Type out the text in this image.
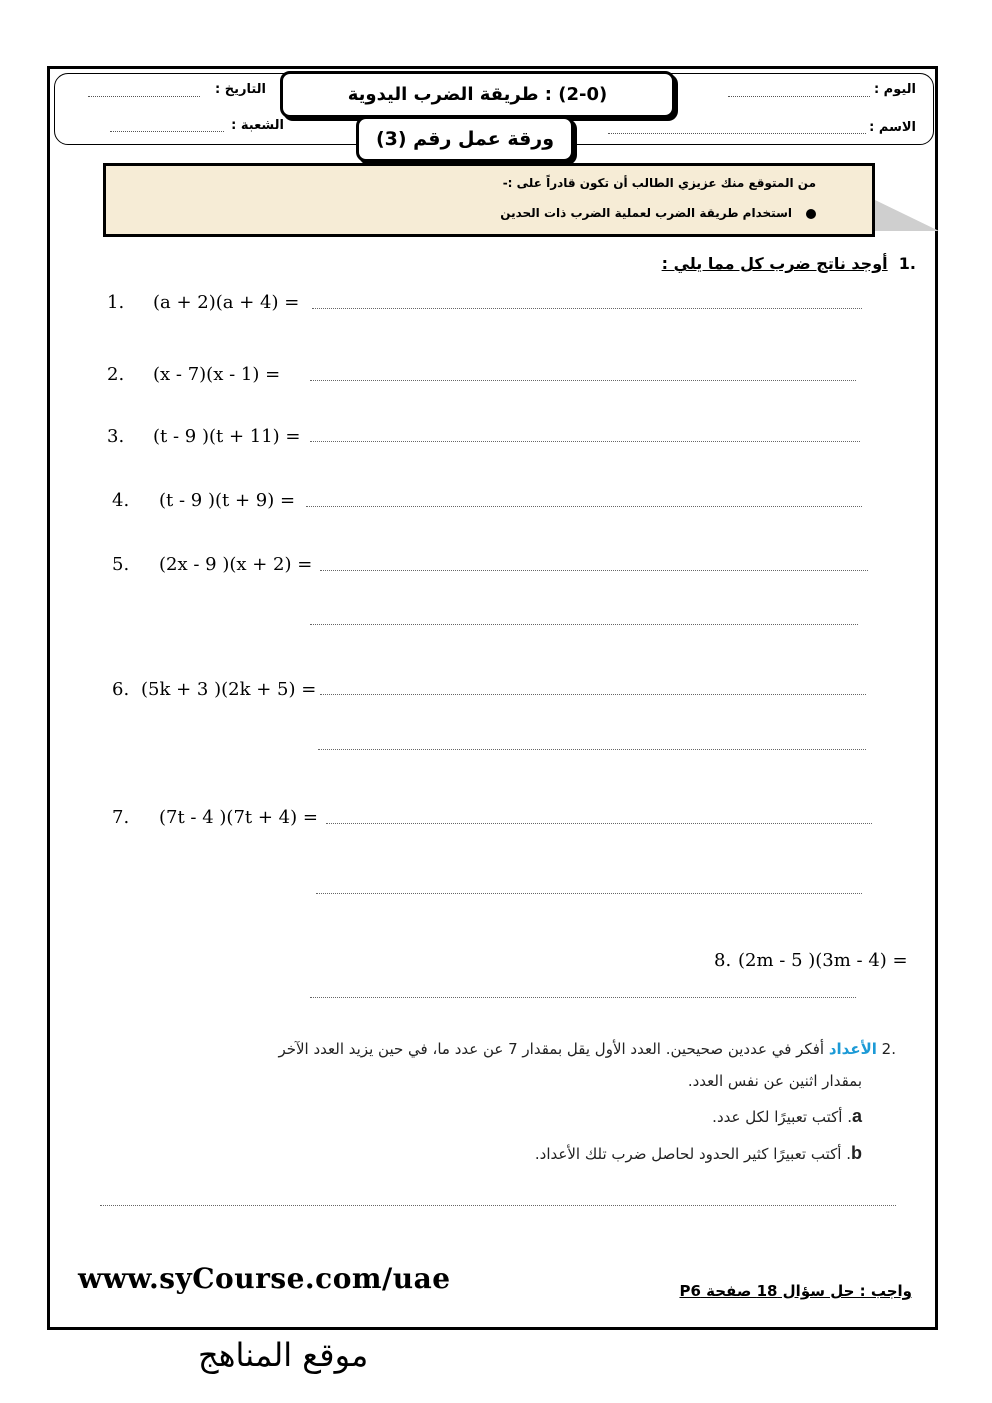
اليوم :
الاسم :
التاريخ :
الشعبة :
(2-0) : طريقة الضرب اليدوية
ورقة عمل رقم (3)
من المتوقع منك عزيزي الطالب أن تكون قادراً على :-
استخدام طريقة الضرب لعملية الضرب ذات الحدين
.1  أوجد ناتج ضرب كل مما يلي :
1. (a + 2)(a + 4) =
2. (x - 7)(x - 1) =
3. (t - 9 )(t + 11) =
4. (t - 9 )(t + 9) =
5. (2x - 9 )(x + 2) =
6. (5k + 3 )(2k + 5) =
7. (7t - 4 )(7t + 4) =
8. (2m - 5 )(3m - 4) =
.2 الأعداد أفكر في عددين صحيحين. العدد الأول يقل بمقدار 7 عن عدد ما، في حين يزيد العدد الآخر
بمقدار اثنين عن نفس العدد.
a. أكتب تعبيرًا لكل عدد.
b. أكتب تعبيرًا كثير الحدود لحاصل ضرب تلك الأعداد.
www.syCourse.com/uae	واجب : حل سؤال 18 صفحة P6
موقع المناهج
